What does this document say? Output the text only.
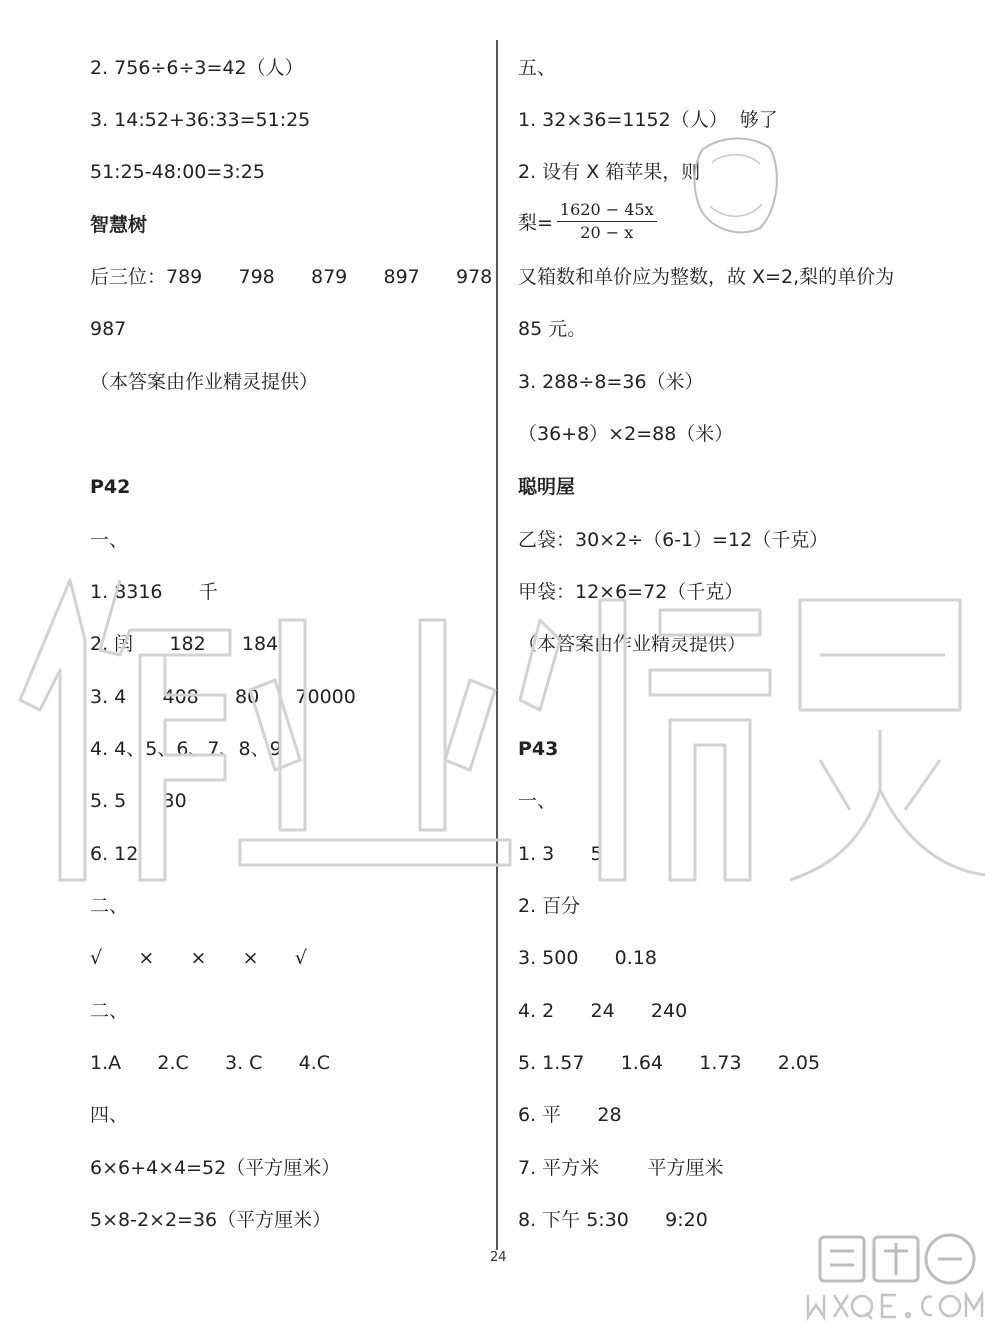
2. 756÷6÷3=42（人）
3. 14:52+36:33=51:25
51:25-48:00=3:25
智慧树
后三位：789      798      879      897      978
987
（本答案由作业精灵提供）
P42
一、
1. 8316      千
2. 闰      182      184
3. 4      408      80      70000
4. 4、5、6、7、8、9
5. 5      30
6. 12
二、
√      ×      ×      ×      √
二、
1.A      2.C      3. C      4.C
四、
6×6+4×4=52（平方厘米）
5×8-2×2=36（平方厘米）
五、
1. 32×36=1152（人）  够了
2. 设有 X 箱苹果，则
梨= $\frac{1620 - 45x}{20 - x}$
又箱数和单价应为整数，故 X=2,梨的单价为
85 元。
3. 288÷8=36（米）
（36+8）×2=88（米）
聪明屋
乙袋：30×2÷（6-1）=12（千克）
甲袋：12×6=72（千克）
（本答案由作业精灵提供）
P43
一、
1. 3      5
2. 百分
3. 500      0.18
4. 2      24      240
5. 1.57      1.64      1.73      2.05
6. 平      28
7. 平方米        平方厘米
8. 下午 5:30      9:20
24
